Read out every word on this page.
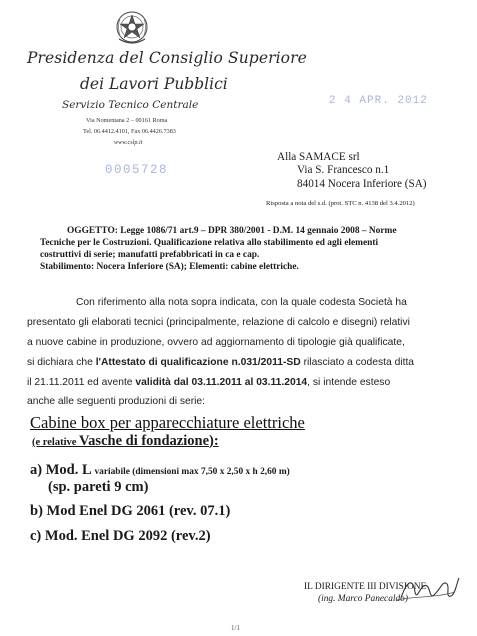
Presidenza del Consiglio Superiore
dei Lavori Pubblici
Servizio Tecnico Centrale
Via Nomentana 2 – 00161 Roma
Tel. 06.4412.4101, Fax 06.4426.7383
www.cslp.it
2 4 APR. 2012
0005728
Alla SAMACE srl
Via S. Francesco n.1
84014 Nocera Inferiore (SA)
Risposta a nota del s.d. (prot. STC n. 4138 del 3.4.2012)
OGGETTO: Legge 1086/71 art.9 – DPR 380/2001 - D.M. 14 gennaio 2008 – Norme
Tecniche per le Costruzioni. Qualificazione relativa allo stabilimento ed agli elementi
costruttivi di serie; manufatti prefabbricati in ca e cap.
Stabilimento: Nocera Inferiore (SA); Elementi: cabine elettriche.
Con riferimento alla nota sopra indicata, con la quale codesta Società ha
presentato gli elaborati tecnici (principalmente, relazione di calcolo e disegni) relativi
a nuove cabine in produzione, ovvero ad aggiornamento di tipologie già qualificate,
si dichiara che l'Attestato di qualificazione n.031/2011-SD rilasciato a codesta ditta
il 21.11.2011 ed avente validità dal 03.11.2011 al 03.11.2014, si intende esteso
anche alle seguenti produzioni di serie:
Cabine box per apparecchiature elettriche
(e relative Vasche di fondazione):
a) Mod. L variabile (dimensioni max 7,50 x 2,50 x h 2,60 m)
(sp. pareti 9 cm)
b) Mod Enel DG 2061 (rev. 07.1)
c) Mod. Enel DG 2092 (rev.2)
IL DIRIGENTE III DIVISIONE
(ing. Marco Panecaldo)
1/1
